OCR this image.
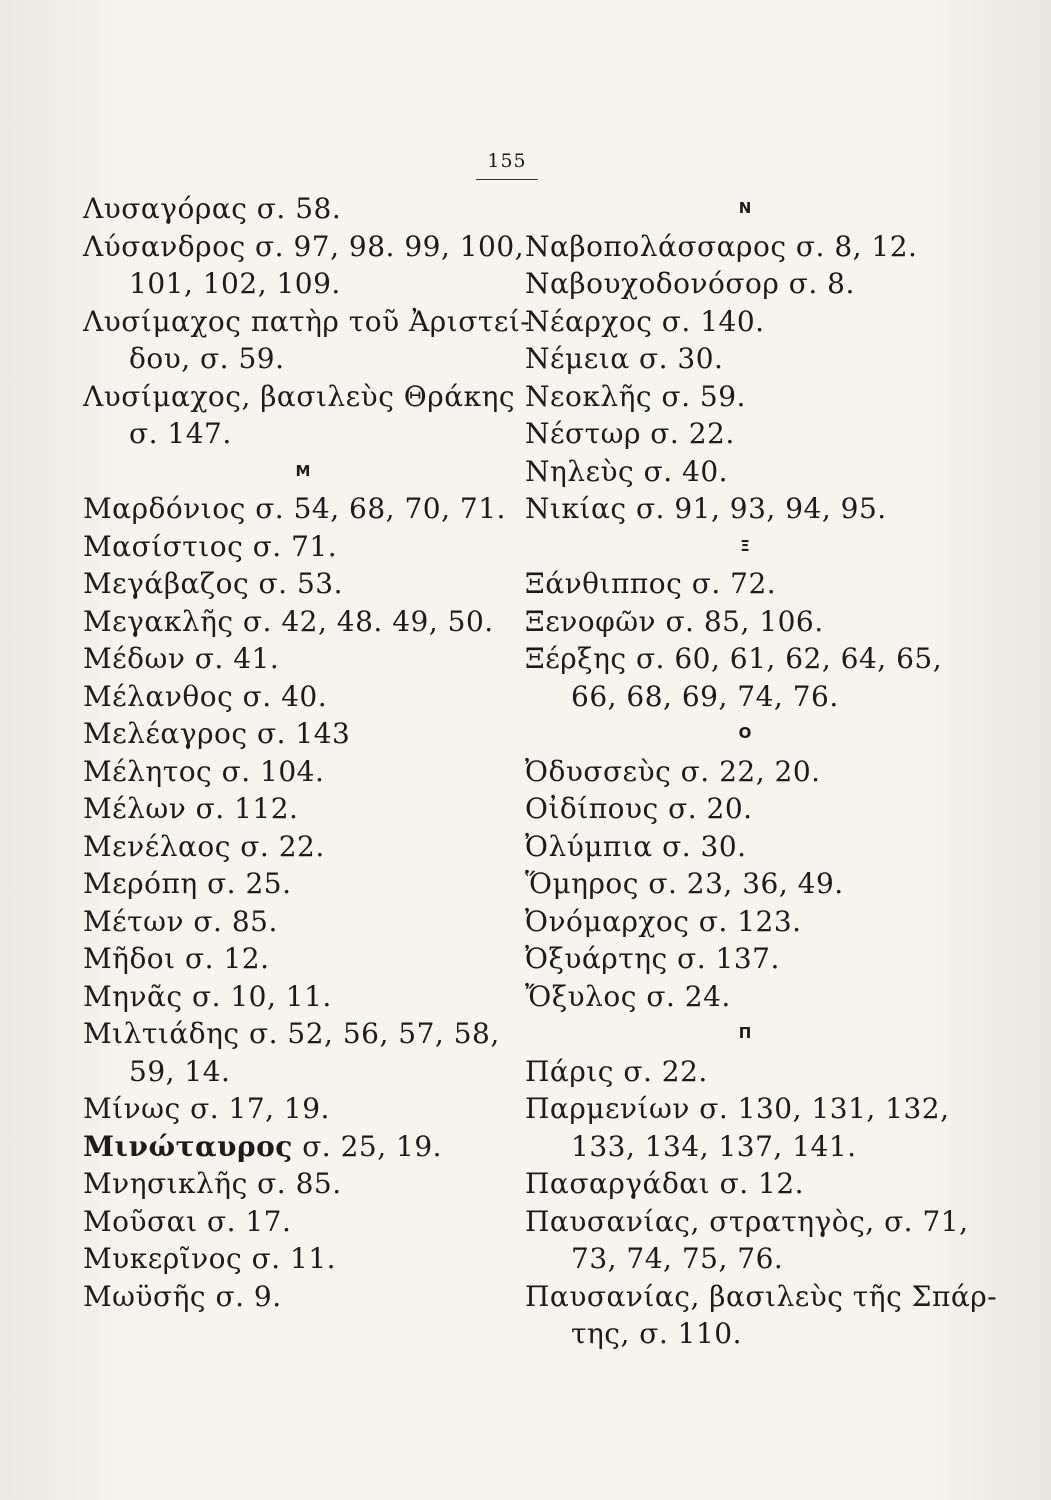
155
Λυσαγόρας σ. 58.
Λύσανδρος σ. 97, 98. 99, 100,
101, 102, 109.
Λυσίμαχος πατὴρ τοῦ Ἀριστεί-
δου, σ. 59.
Λυσίμαχος, βασιλεὺς Θράκης
σ. 147.
M
Μαρδόνιος σ. 54, 68, 70, 71.
Μασίστιος σ. 71.
Μεγάβαζος σ. 53.
Μεγακλῆς σ. 42, 48. 49, 50.
Μέδων σ. 41.
Μέλανθος σ. 40.
Μελέαγρος σ. 143
Μέλητος σ. 104.
Μέλων σ. 112.
Μενέλαος σ. 22.
Μερόπη σ. 25.
Μέτων σ. 85.
Μῆδοι σ. 12.
Μηνᾶς σ. 10, 11.
Μιλτιάδης σ. 52, 56, 57, 58,
59, 14.
Μίνως σ. 17, 19.
Μινώταυρος σ. 25, 19.
Μνησικλῆς σ. 85.
Μοῦσαι σ. 17.
Μυκερῖνος σ. 11.
Μωϋσῆς σ. 9.
N
Ναβοπολάσσαρος σ. 8, 12.
Ναβουχοδονόσορ σ. 8.
Νέαρχος σ. 140.
Νέμεια σ. 30.
Νεοκλῆς σ. 59.
Νέστωρ σ. 22.
Νηλεὺς σ. 40.
Νικίας σ. 91, 93, 94, 95.
Ξ
Ξάνθιππος σ. 72.
Ξενοφῶν σ. 85, 106.
Ξέρξης σ. 60, 61, 62, 64, 65,
66, 68, 69, 74, 76.
O
Ὀδυσσεὺς σ. 22, 20.
Οἰδίπους σ. 20.
Ὀλύμπια σ. 30.
Ὅμηρος σ. 23, 36, 49.
Ὀνόμαρχος σ. 123.
Ὀξυάρτης σ. 137.
Ὄξυλος σ. 24.
Π
Πάρις σ. 22.
Παρμενίων σ. 130, 131, 132,
133, 134, 137, 141.
Πασαργάδαι σ. 12.
Παυσανίας, στρατηγὸς, σ. 71,
73, 74, 75, 76.
Παυσανίας, βασιλεὺς τῆς Σπάρ-
της, σ. 110.
